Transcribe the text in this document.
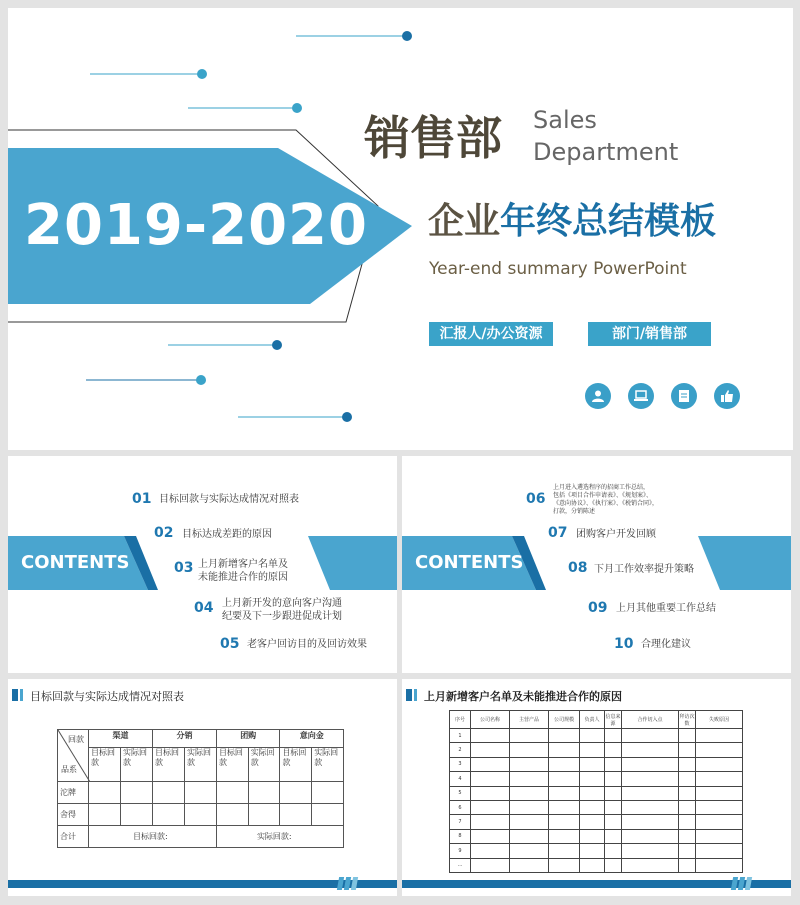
2019-2020
销售部 Sales
Department
企业年终总结模板
Year-end summary PowerPoint
汇报人/办公资源	部门/销售部
CONTENTS
01 目标回款与实际达成情况对照表
02 目标达成差距的原因
03 上月新增客户名单及
未能推进合作的原因
04 上月新开发的意向客户沟通
纪要及下一步跟进促成计划
05 老客户回访目的及回访效果
CONTENTS
06
上月进入遴选程序的招商工作总结，
包括《项目合作申请表》、《规划案》、
《意向协议》、《执行案》、《税销合同》，
打款，分销陈述
07 团购客户开发回顾
08 下月工作效率提升策略
09 上月其他重要工作总结
10 合理化建议
目标回款与实际达成情况对照表
回款
品系	渠道		分销		团购		意向金	
	目标回款	实际回款	目标回款	实际回款	目标回款	实际回款	目标回款	实际回款
沱牌								
舍得								
合计	目标回款:				实际回款:			
上月新增客户名单及未能推进合作的原因
序号	公司名称	主营产品	公司规模	负责人	信息来源	合作切入点	拜访次数	失败原因
1								
2								
3								
4								
5								
6								
7								
8								
9								
...								
